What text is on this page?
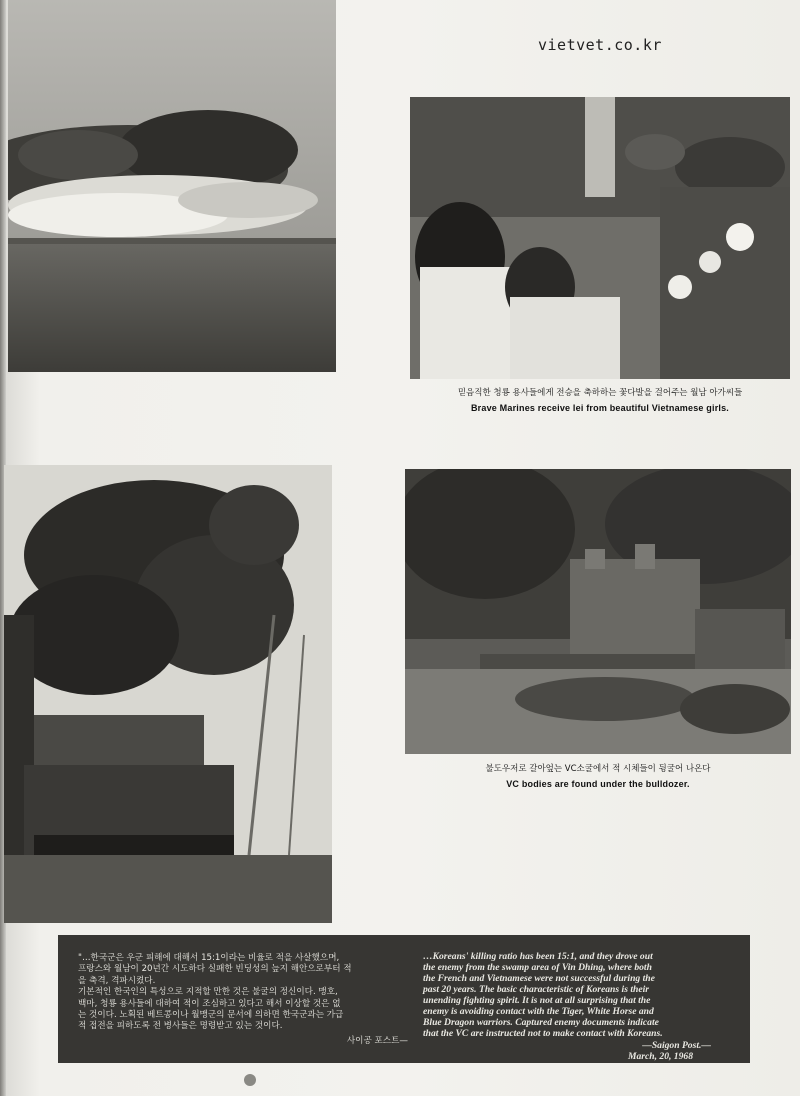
vietvet.co.kr
믿음직한 청룡 용사들에게 전승을 축하하는 꽃다발을 걸어주는 월남 아가씨들
Brave Marines receive lei from beautiful Vietnamese girls.
불도우저로 갈아엎는 VC소굴에서 적 시체들이 뒹굴어 나온다
VC bodies are found under the bulldozer.
"…한국군은 우군 피해에 대해서 15:1이라는 비율로 적을 사살했으며,
프랑스와 월남이 20년간 시도하다 실패한 빈딩성의 늪지 해안으로부터 적
을 축격, 격파시켰다.
기본적인 한국인의 특성으로 지적할 만한 것은 불굴의 정신이다. 맹호,
백마, 청룡 용사들에 대하여 적이 조심하고 있다고 해서 이상할 것은 없
는 것이다. 노획된 베트콩이나 월맹군의 문서에 의하면 한국군과는 가급
적 접전을 피하도록 전 병사들은 명령받고 있는 것이다.
사이공 포스트—
…Koreans' killing ratio has been 15:1, and they drove out
the enemy from the swamp area of Vin Dhing, where both
the French and Vietnamese were not successful during the
past 20 years. The basic characteristic of Koreans is their
unending fighting spirit. It is not at all surprising that the
enemy is avoiding contact with the Tiger, White Horse and
Blue Dragon warriors. Captured enemy documents indicate
that the VC are instructed not to make contact with Koreans.
—Saigon Post.—
March, 20, 1968
